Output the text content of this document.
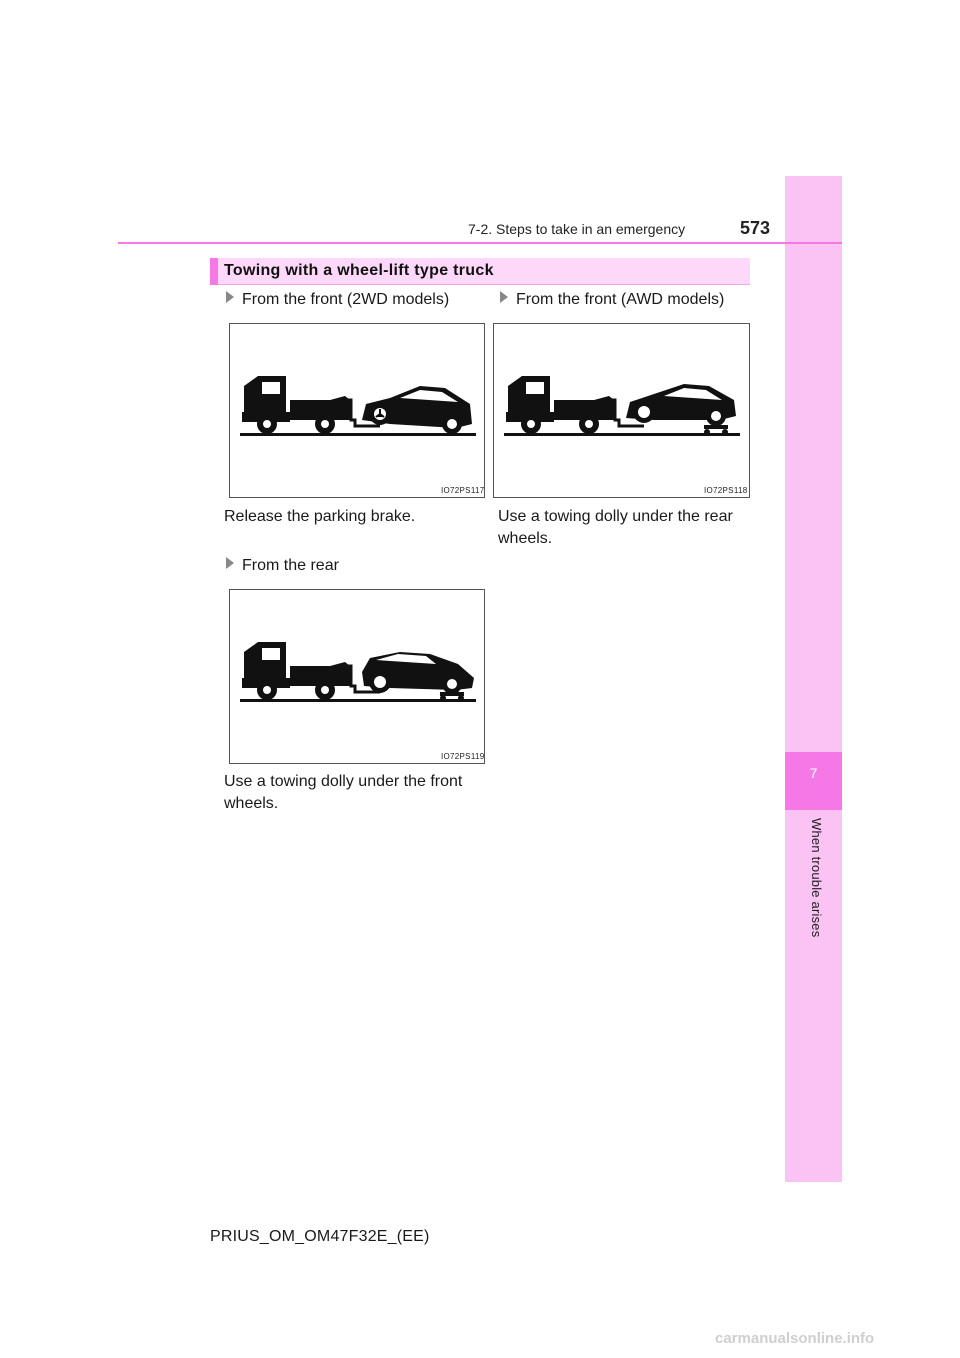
7
When trouble arises
7-2. Steps to take in an emergency	573
Towing with a wheel-lift type truck
From the front (2WD models)
IO72PS117
Release the parking brake.
From the front (AWD models)
IO72PS118
Use a towing dolly under the rear wheels.
From the rear
IO72PS119
Use a towing dolly under the front wheels.
PRIUS_OM_OM47F32E_(EE)
carmanualsonline.info
